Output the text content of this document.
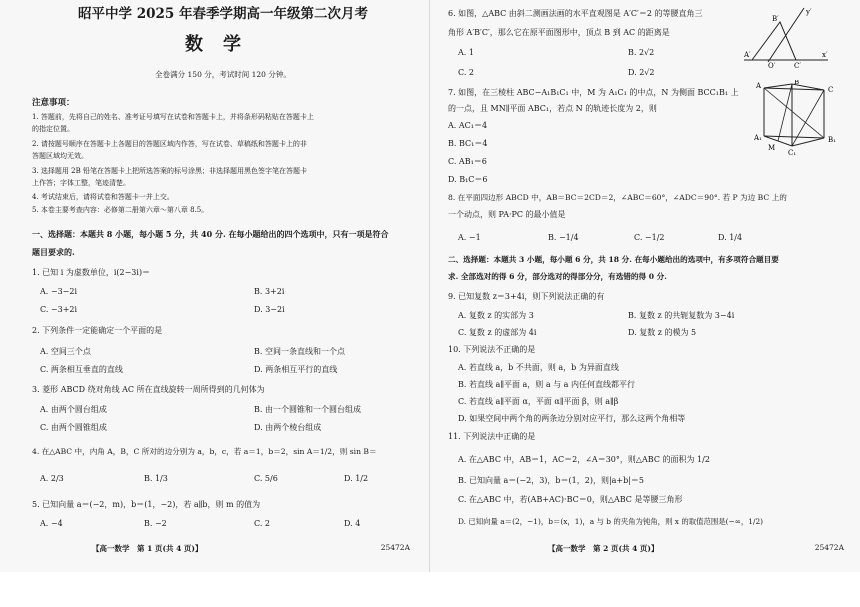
昭平中学 2025 年春季学期高一年级第二次月考
数学
全卷满分 150 分，考试时间 120 分钟。
注意事项：
1. 答题前，先将自己的姓名、准考证号填写在试卷和答题卡上，并将条形码粘贴在答题卡上
的指定位置。
2. 请按题号顺序在答题卡上各题目的答题区域内作答，写在试卷、草稿纸和答题卡上的非
答题区域均无效。
3. 选择题用 2B 铅笔在答题卡上把所选答案的标号涂黑；非选择题用黑色签字笔在答题卡
上作答；字体工整，笔迹清楚。
4. 考试结束后，请将试卷和答题卡一并上交。
5. 本卷主要考查内容：必修第二册第六章～第八章 8.5。
一、选择题：本题共 8 小题，每小题 5 分，共 40 分. 在每小题给出的四个选项中，只有一项是符合
题目要求的.
1. 已知 i 为虚数单位，i(2−3i)＝
A. −3−2i	B. 3+2i
C. −3+2i	D. 3−2i
2. 下列条件一定能确定一个平面的是
A. 空间三个点	B. 空间一条直线和一个点
C. 两条相互垂直的直线	D. 两条相互平行的直线
3. 菱形 ABCD 绕对角线 AC 所在直线旋转一周所得到的几何体为
A. 由两个圆台组成	B. 由一个圆锥和一个圆台组成
C. 由两个圆锥组成	D. 由两个棱台组成
4. 在△ABC 中，内角 A，B，C 所对的边分别为 a，b，c，若 a＝1，b＝2，sin A＝1/2，则 sin B＝
A. 2/3	B. 1/3	C. 5/6	D. 1/2
5. 已知向量 a＝(−2，m)，b＝(1，−2)，若 a∥b，则 m 的值为
A. −4	B. −2	C. 2	D. 4
【高一数学　第 1 页(共 4 页)】	25472A
6. 如图，△ABC 由斜二测画法画的水平直观图是 A′C′＝2 的等腰直角三
角形 A′B′C′，那么它在原平面图形中，顶点 B 到 AC 的距离是
A. 1	B. 2√2
C. 2	D. 2√2
y′
B′
A′
O′	C′
x′
7. 如图，在三棱柱 ABC−A₁B₁C₁ 中，M 为 A₁C₁ 的中点，N 为侧面 BCC₁B₁ 上
的一点，且 MN∥平面 ABC₁，若点 N 的轨迹长度为 2，则
A. AC₁＝4
B. BC₁＝4
C. AB₁＝6
D. B₁C＝6
A	B
C
A₁	B₁
C₁
M
8. 在平面四边形 ABCD 中，AB＝BC＝2CD＝2，∠ABC＝60°，∠ADC＝90°. 若 P 为边 BC 上的
一个动点，则 PA·PC 的最小值是
A. −1	B. −1/4	C. −1/2	D. 1/4
二、选择题：本题共 3 小题，每小题 6 分，共 18 分. 在每小题给出的选项中，有多项符合题目要
求. 全部选对的得 6 分，部分选对的得部分分，有选错的得 0 分.
9. 已知复数 z＝3+4i，则下列说法正确的有
A. 复数 z 的实部为 3	B. 复数 z 的共轭复数为 3−4i
C. 复数 z 的虚部为 4i	D. 复数 z 的模为 5
10. 下列说法不正确的是
A. 若直线 a，b 不共面，则 a，b 为异面直线
B. 若直线 a∥平面 a，则 a 与 a 内任何直线都平行
C. 若直线 a∥平面 α，平面 α∥平面 β，则 a∥β
D. 如果空间中两个角的两条边分别对应平行，那么这两个角相等
11. 下列说法中正确的是
A. 在△ABC 中，AB＝1，AC＝2，∠A＝30°，则△ABC 的面积为 1/2
B. 已知向量 a＝(−2，3)，b＝(1，2)，则|a+b|＝5
C. 在△ABC 中，若(AB+AC)·BC＝0，则△ABC 是等腰三角形
D. 已知向量 a＝(2，−1)，b＝(x，1)，a 与 b 的夹角为钝角，则 x 的取值范围是(−∞，1/2)
【高一数学　第 2 页(共 4 页)】	25472A
